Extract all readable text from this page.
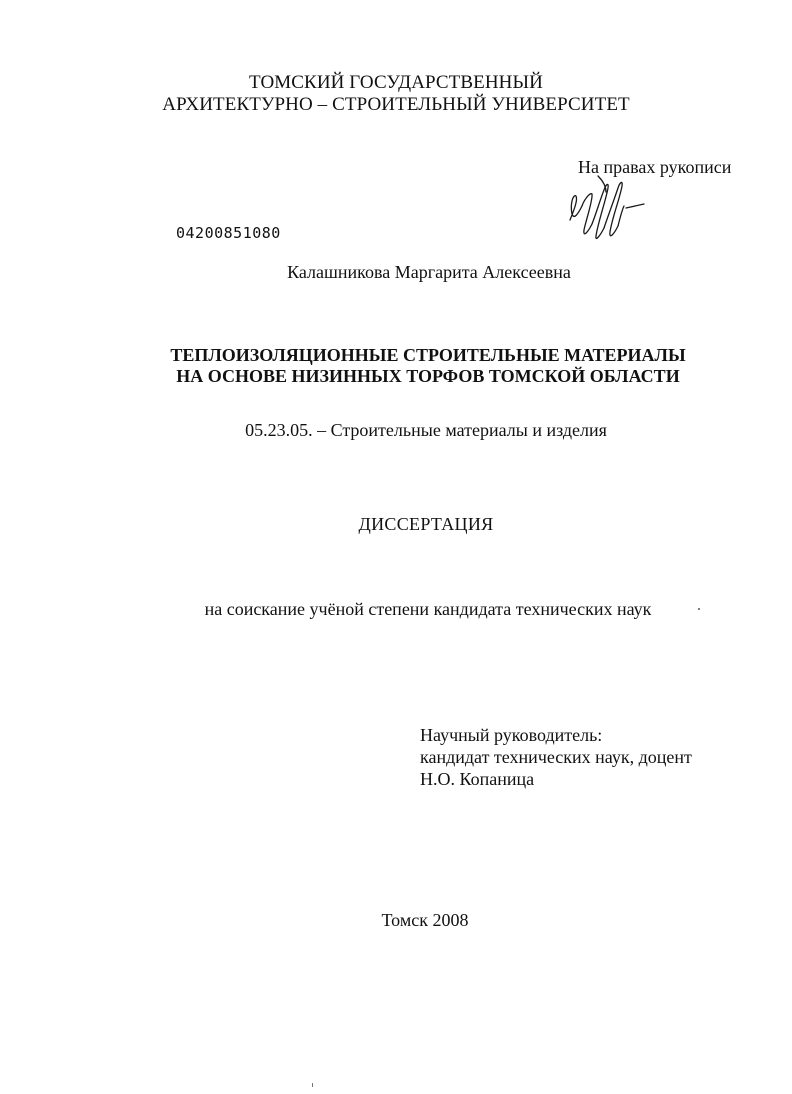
ТОМСКИЙ ГОСУДАРСТВЕННЫЙ
АРХИТЕКТУРНО – СТРОИТЕЛЬНЫЙ УНИВЕРСИТЕТ
На правах рукописи
04200851080
Калашникова Маргарита Алексеевна
ТЕПЛОИЗОЛЯЦИОННЫЕ СТРОИТЕЛЬНЫЕ МАТЕРИАЛЫ
НА ОСНОВЕ НИЗИННЫХ ТОРФОВ ТОМСКОЙ ОБЛАСТИ
05.23.05. – Строительные материалы и изделия
ДИССЕРТАЦИЯ
на соискание учёной степени кандидата технических наук
Научный руководитель:
кандидат технических наук, доцент
Н.О. Копаница
Томск 2008
